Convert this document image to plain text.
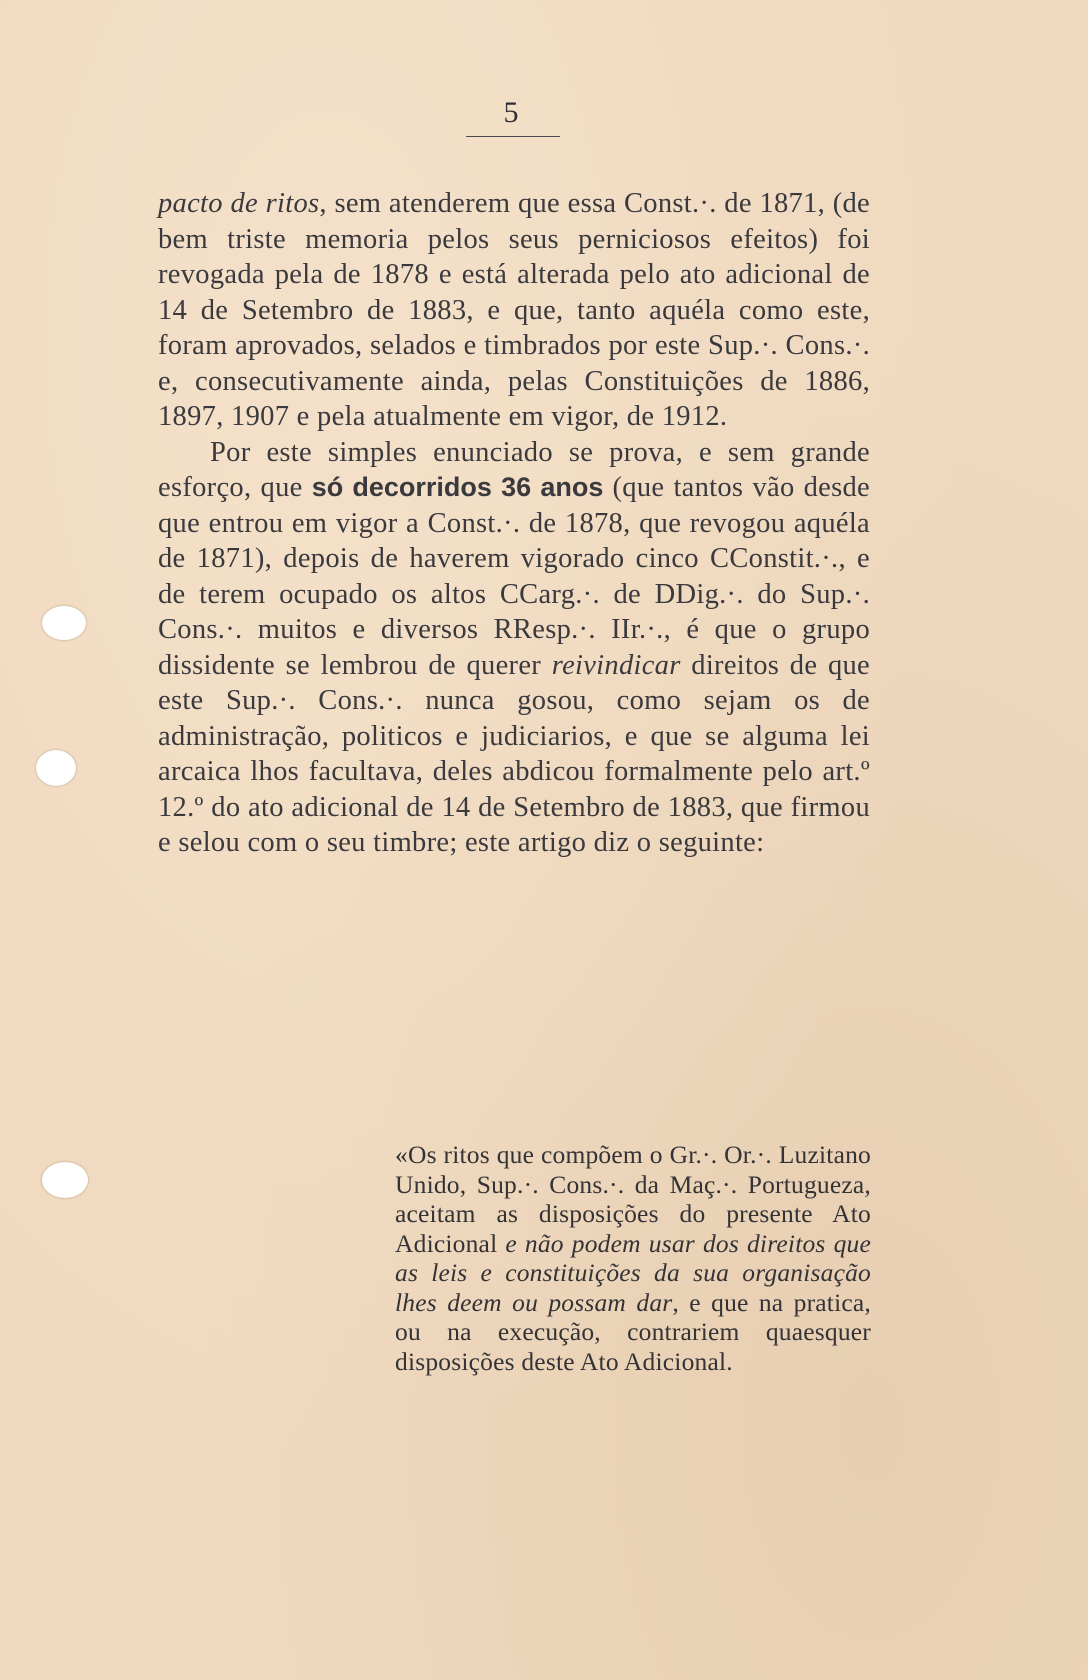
5

pacto de ritos, sem atenderem que essa Const.·. de 1871, (de bem triste memoria pelos seus perniciosos efeitos) foi revogada pela de 1878 e está alterada pelo ato adicional de 14 de Setembro de 1883, e que, tanto aquéla como este, foram aprovados, selados e timbrados por este Sup.·. Cons.·. e, consecutivamente ainda, pelas Constituições de 1886, 1897, 1907 e pela atualmente em vigor, de 1912.

Por este simples enunciado se prova, e sem grande esforço, que só decorridos 36 anos (que tantos vão desde que entrou em vigor a Const.·. de 1878, que revogou aquéla de 1871), depois de haverem vigorado cinco CConstit.·., e de terem ocupado os altos CCarg.·. de DDig.·. do Sup.·. Cons.·. muitos e diversos RResp.·. IIr.·., é que o grupo dissidente se lembrou de querer reivindicar direitos de que este Sup.·. Cons.·. nunca gosou, como sejam os de administração, politicos e judiciarios, e que se alguma lei arcaica lhos facultava, deles abdicou formalmente pelo art.º 12.º do ato adicional de 14 de Setembro de 1883, que firmou e selou com o seu timbre; este artigo diz o seguinte:

«Os ritos que compõem o Gr.·. Or.·. Luzitano Unido, Sup.·. Cons.·. da Maç.·. Portugueza, aceitam as disposições do presente Ato Adicional e não podem usar dos direitos que as leis e constituições da sua organisação lhes deem ou possam dar, e que na pratica, ou na execução, contrariem quaesquer disposições deste Ato Adicional.
